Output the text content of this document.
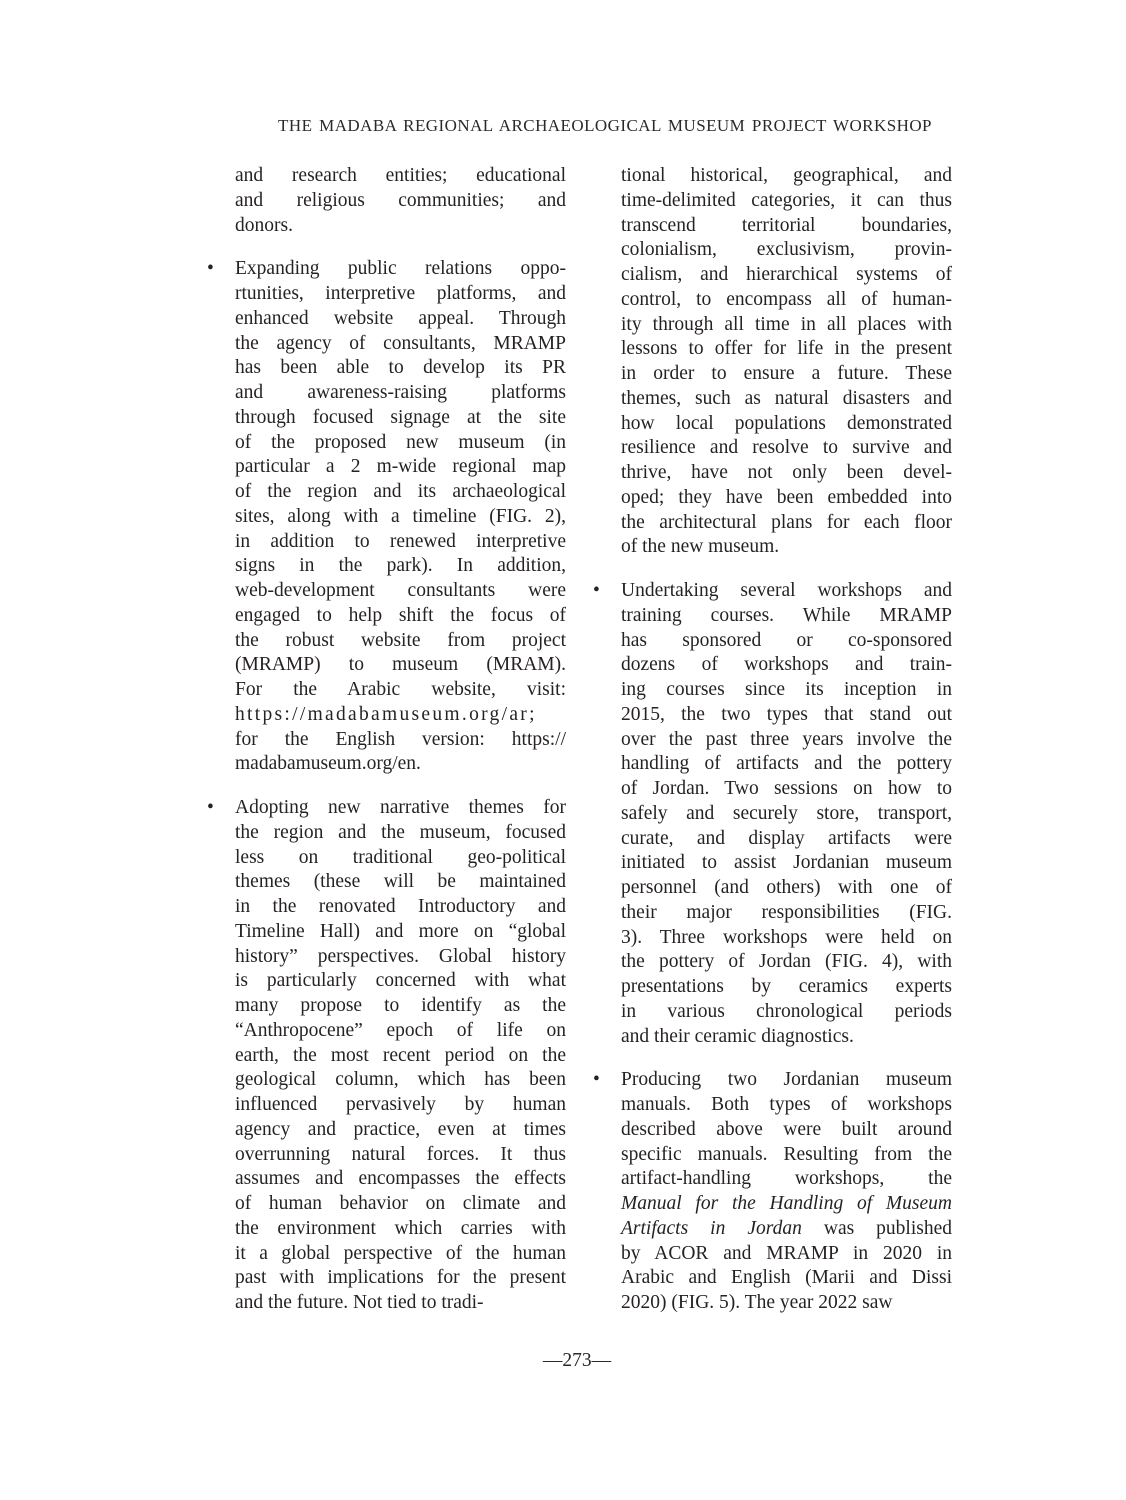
THE MADABA REGIONAL ARCHAEOLOGICAL MUSEUM PROJECT WORKSHOP
and research entities; educational
and religious communities; and
donors.
• Expanding public relations oppo-
rtunities, interpretive platforms, and
enhanced website appeal. Through
the agency of consultants, MRAMP
has been able to develop its PR
and awareness-raising platforms
through focused signage at the site
of the proposed new museum (in
particular a 2 m-wide regional map
of the region and its archaeological
sites, along with a timeline (FIG. 2),
in addition to renewed interpretive
signs in the park). In addition,
web-development consultants were
engaged to help shift the focus of
the robust website from project
(MRAMP) to museum (MRAM).
For the Arabic website, visit:
https://madabamuseum.org/ar;
for the English version: https://
madabamuseum.org/en.
• Adopting new narrative themes for
the region and the museum, focused
less on traditional geo-political
themes (these will be maintained
in the renovated Introductory and
Timeline Hall) and more on “global
history” perspectives. Global history
is particularly concerned with what
many propose to identify as the
“Anthropocene” epoch of life on
earth, the most recent period on the
geological column, which has been
influenced pervasively by human
agency and practice, even at times
overrunning natural forces. It thus
assumes and encompasses the effects
of human behavior on climate and
the environment which carries with
it a global perspective of the human
past with implications for the present
and the future. Not tied to tradi-
tional historical, geographical, and
time-delimited categories, it can thus
transcend territorial boundaries,
colonialism, exclusivism, provin-
cialism, and hierarchical systems of
control, to encompass all of human-
ity through all time in all places with
lessons to offer for life in the present
in order to ensure a future. These
themes, such as natural disasters and
how local populations demonstrated
resilience and resolve to survive and
thrive, have not only been devel-
oped; they have been embedded into
the architectural plans for each floor
of the new museum.
• Undertaking several workshops and
training courses. While MRAMP
has sponsored or co-sponsored
dozens of workshops and train-
ing courses since its inception in
2015, the two types that stand out
over the past three years involve the
handling of artifacts and the pottery
of Jordan. Two sessions on how to
safely and securely store, transport,
curate, and display artifacts were
initiated to assist Jordanian museum
personnel (and others) with one of
their major responsibilities (FIG.
3). Three workshops were held on
the pottery of Jordan (FIG. 4), with
presentations by ceramics experts
in various chronological periods
and their ceramic diagnostics.
• Producing two Jordanian museum
manuals. Both types of workshops
described above were built around
specific manuals. Resulting from the
artifact-handling workshops, the
Manual for the Handling of Museum
Artifacts in Jordan was published
by ACOR and MRAMP in 2020 in
Arabic and English (Marii and Dissi
2020) (FIG. 5). The year 2022 saw
—273—
